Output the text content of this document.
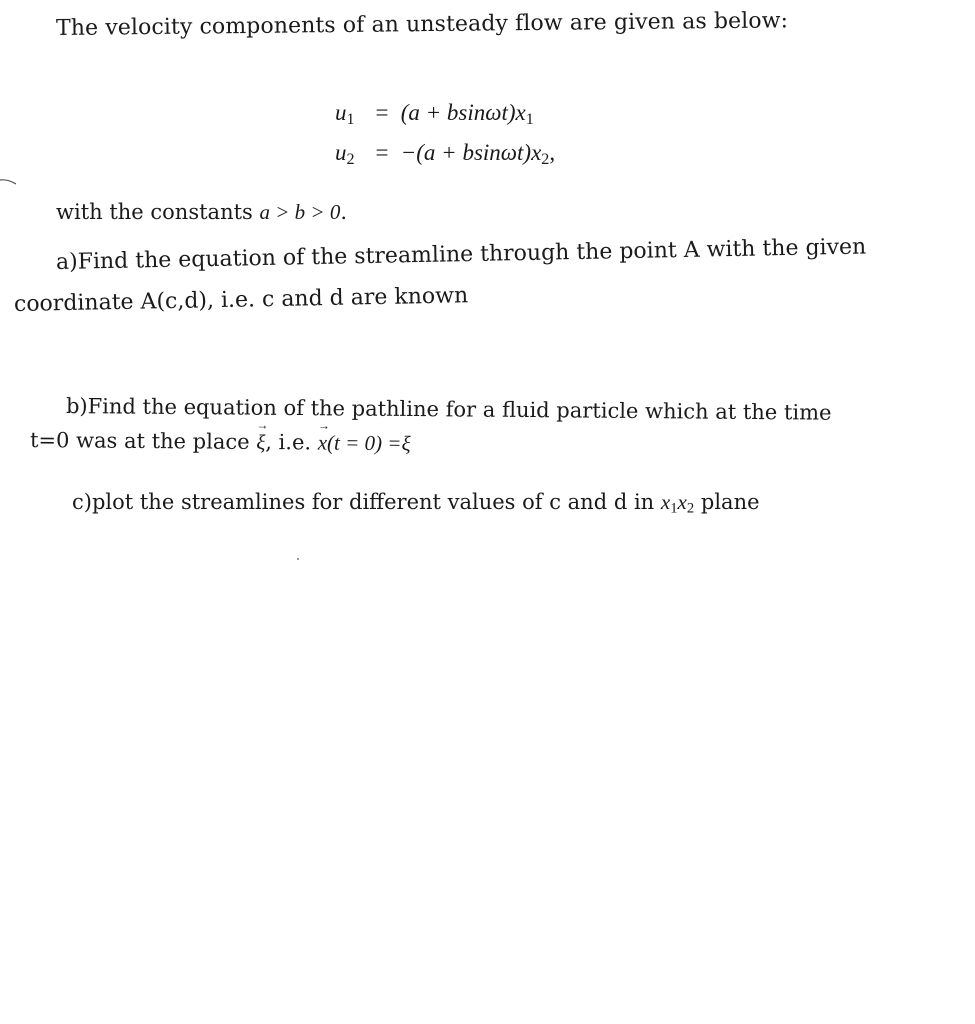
The velocity components of an unsteady flow are given as below:
$u_1 = (a + bsin\omega t)x_1$
$u_2 = -(a + bsin\omega t)x_2$,
with the constants a > b > 0.
a)Find the equation of the streamline through the point A with the given
coordinate A(c,d), i.e. c and d are known
b)Find the equation of the pathline for a fluid particle which at the time
t=0 was at the place → ξ, i.e. → x(t = 0) =ξ
c)plot the streamlines for different values of c and d in $x_1x_2$ plane
